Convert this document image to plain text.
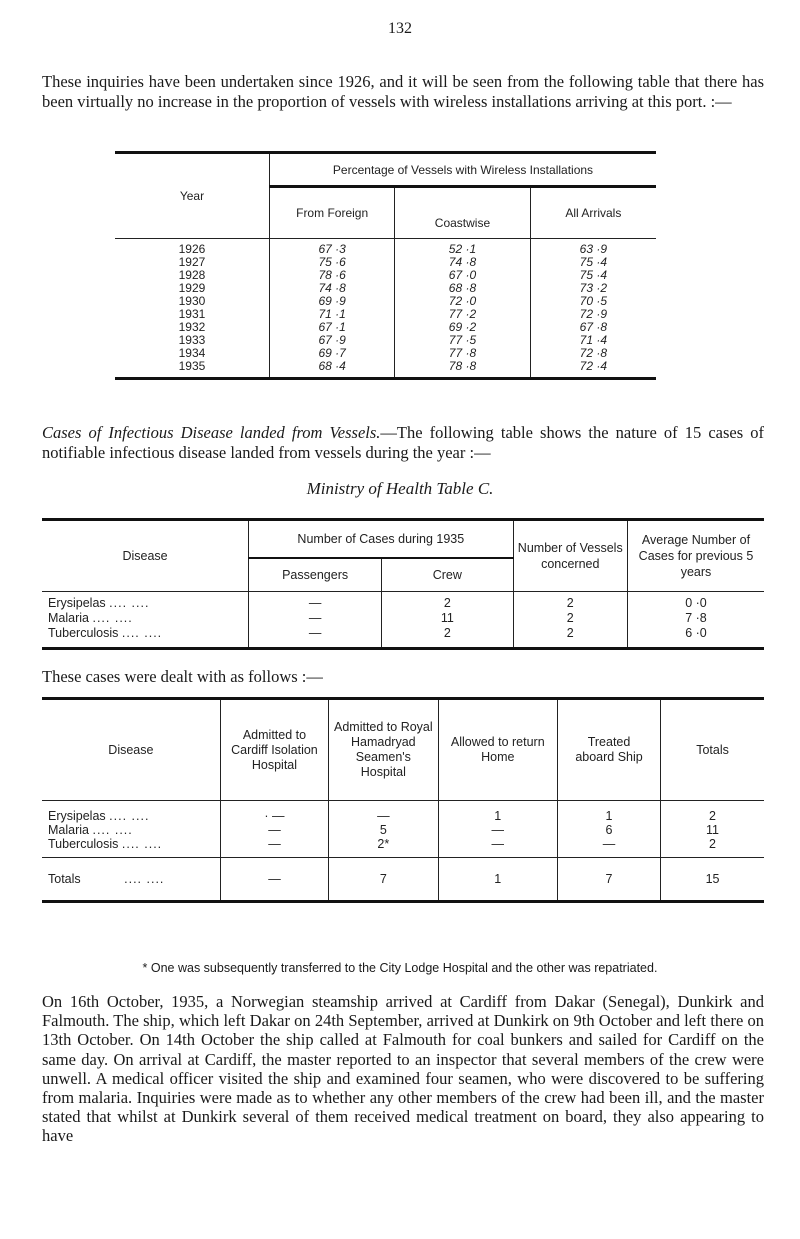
132

These inquiries have been undertaken since 1926, and it will be seen from the following table that there has been virtually no increase in the proportion of vessels with wireless installations arriving at this port. :—

Year	Percentage of Vessels with Wireless Installations		
	From Foreign	Coastwise	All Arrivals
1926	67 ·3	52 ·1	63 ·9
1927	75 ·6	74 ·8	75 ·4
1928	78 ·6	67 ·0	75 ·4
1929	74 ·8	68 ·8	73 ·2
1930	69 ·9	72 ·0	70 ·5
1931	71 ·1	77 ·2	72 ·9
1932	67 ·1	69 ·2	67 ·8
1933	67 ·9	77 ·5	71 ·4
1934	69 ·7	77 ·8	72 ·8
1935	68 ·4	78 ·8	72 ·4

Cases of Infectious Disease landed from Vessels.—The following table shows the nature of 15 cases of notifiable infectious disease landed from vessels during the year :—

Ministry of Health Table C.
Disease	Number of Cases during 1935		Number of Vessels concerned	Average Number of Cases for previous 5 years
	Passengers	Crew		
Erysipelas .... ....	—	2	2	0 ·0
Malaria .... ....	—	11	2	7 ·8
Tuberculosis .... ....	—	2	2	6 ·0

These cases were dealt with as follows :—

Disease	Admitted to Cardiff Isolation Hospital	Admitted to Royal Hamadryad Seamen's Hospital	Allowed to return Home	Treated aboard Ship	Totals
Erysipelas .... ....	· —	—	1	1	2
Malaria .... ....	—	5	—	6	11
Tuberculosis .... ....	—	2*	—	—	2
Totals .... ....	—	7	1	7	15
* One was subsequently transferred to the City Lodge Hospital and the other was repatriated.

On 16th October, 1935, a Norwegian steamship arrived at Cardiff from Dakar (Senegal), Dunkirk and Falmouth. The ship, which left Dakar on 24th September, arrived at Dunkirk on 9th October and left there on 13th October. On 14th October the ship called at Falmouth for coal bunkers and sailed for Cardiff on the same day. On arrival at Cardiff, the master reported to an inspector that several members of the crew were unwell. A medical officer visited the ship and examined four seamen, who were discovered to be suffering from malaria. Inquiries were made as to whether any other members of the crew had been ill, and the master stated that whilst at Dunkirk several of them received medical treatment on board, they also appearing to have
